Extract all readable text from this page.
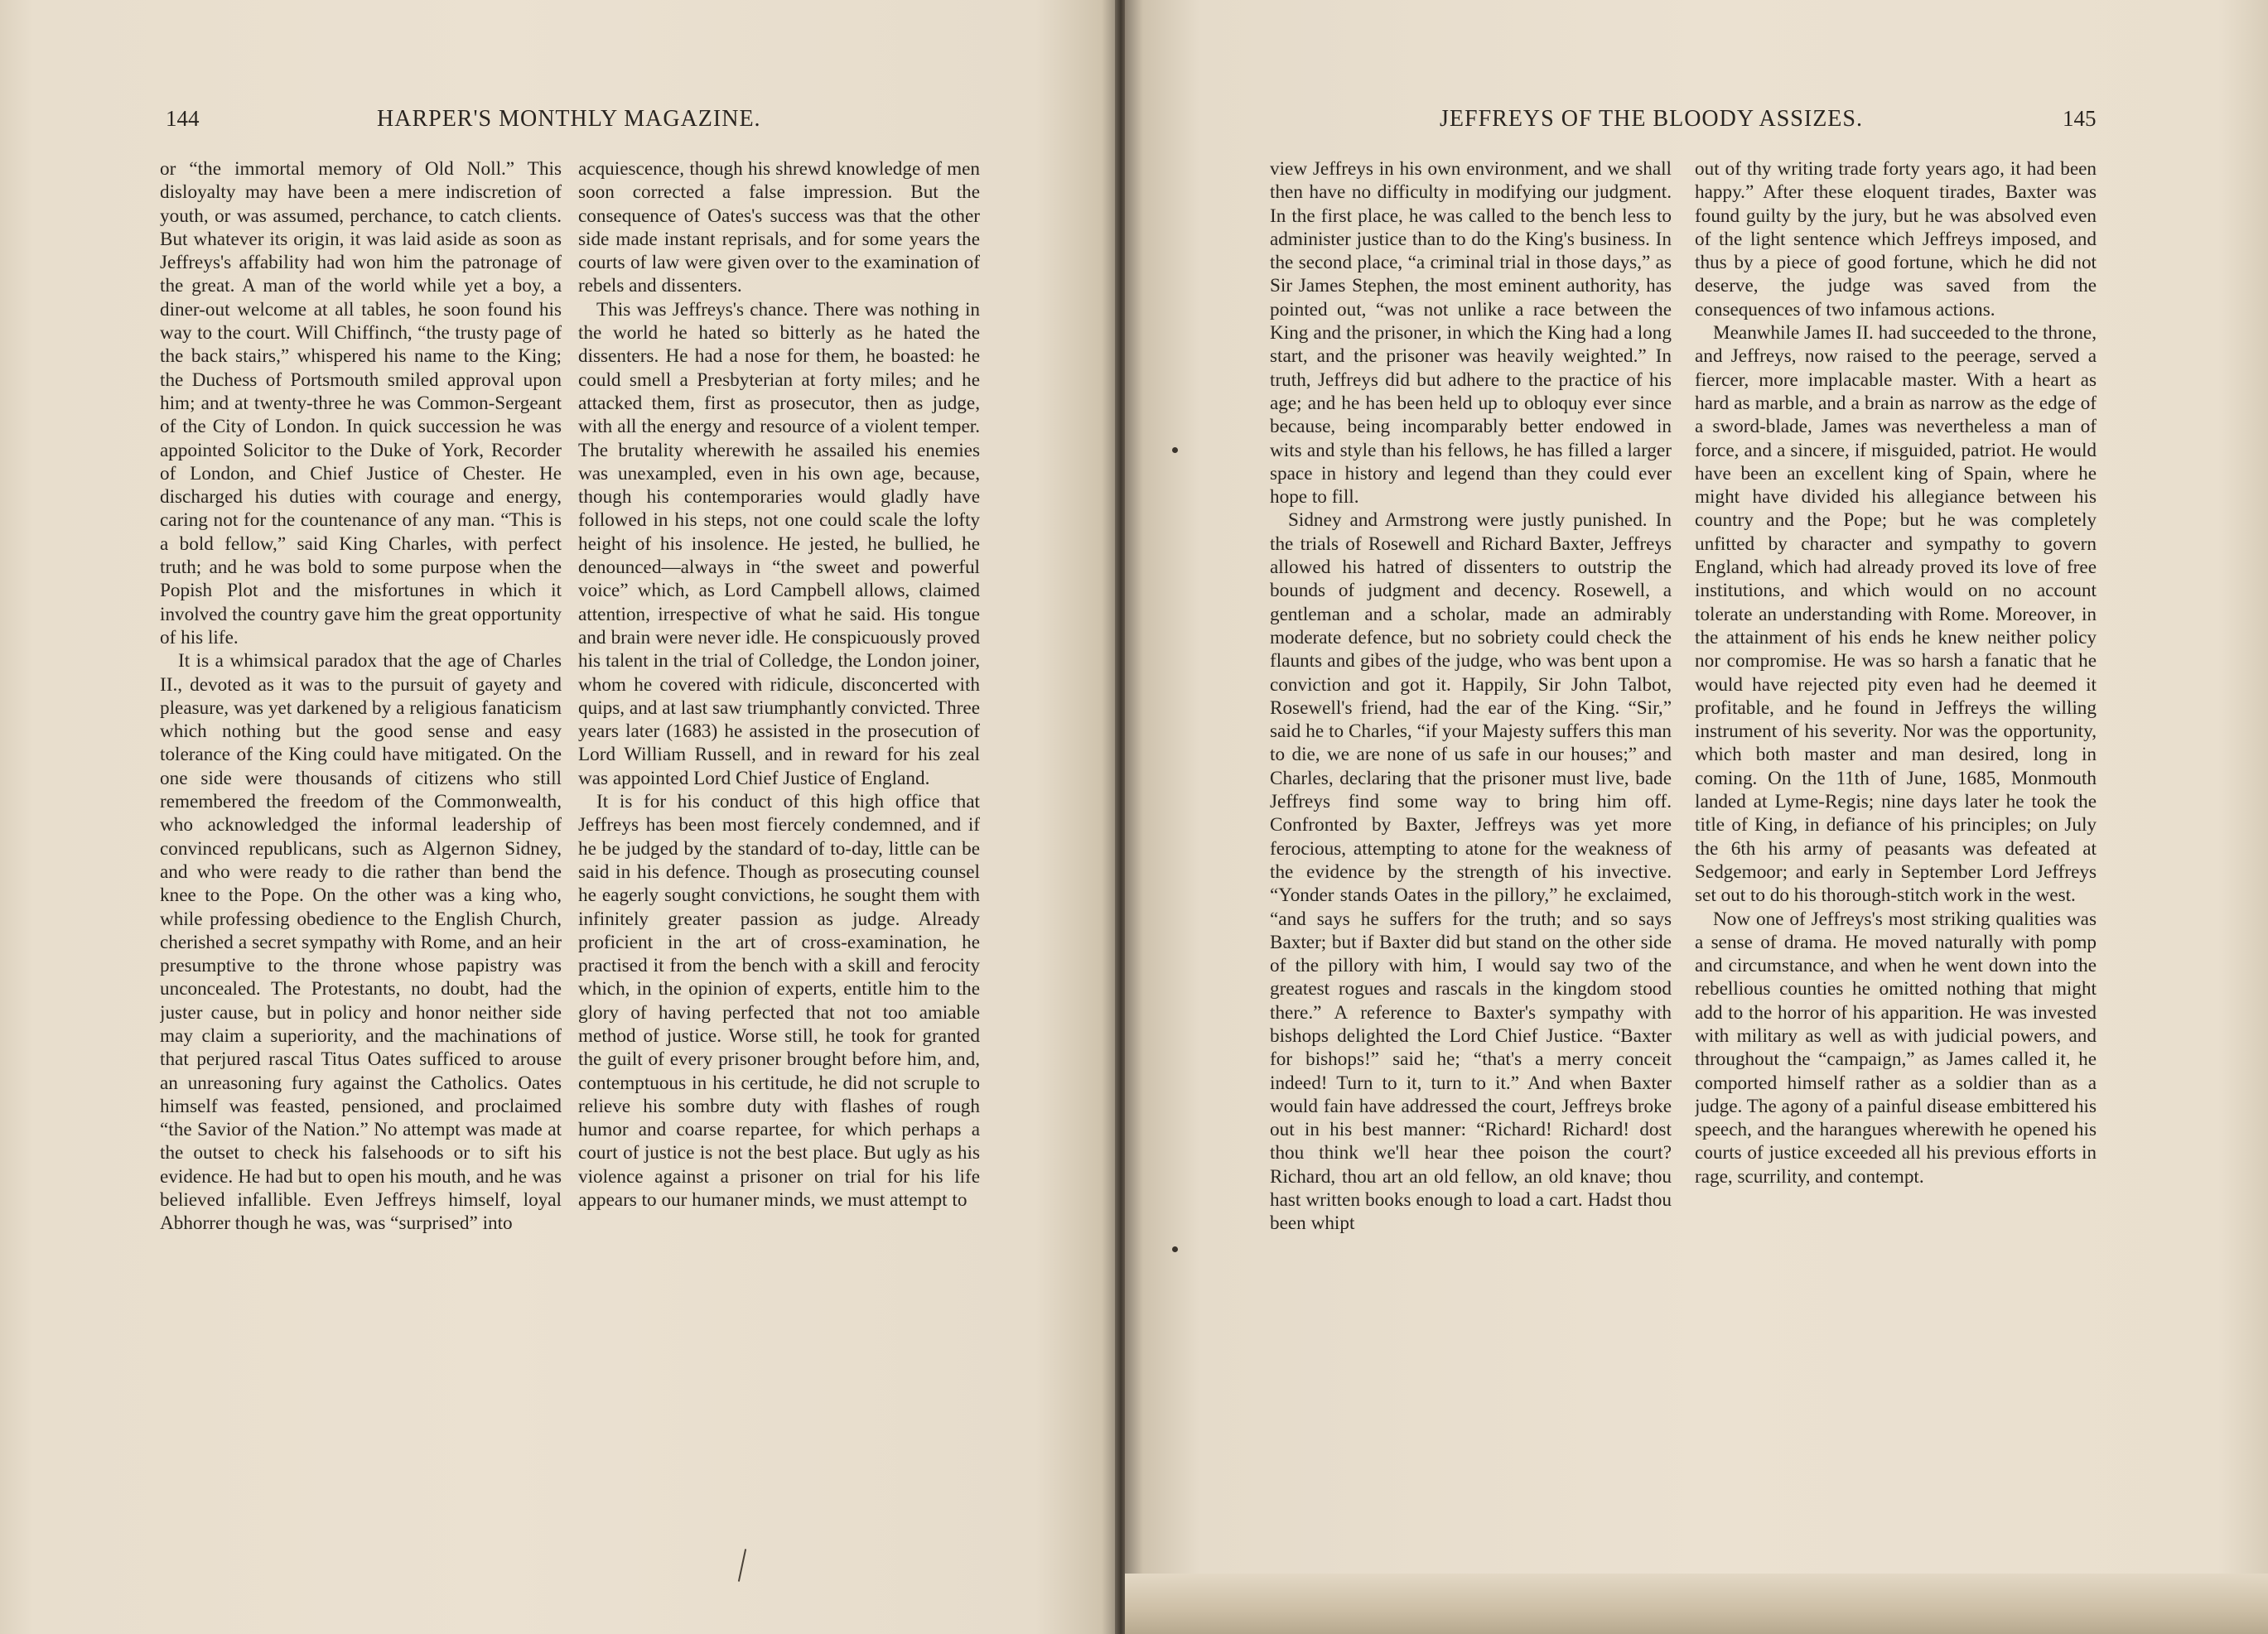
144	HARPER'S MONTHLY MAGAZINE.

or “the immortal memory of Old Noll.” This disloyalty may have been a mere indiscretion of youth, or was assumed, perchance, to catch clients. But whatever its origin, it was laid aside as soon as Jeffreys's affability had won him the patronage of the great. A man of the world while yet a boy, a diner-out welcome at all tables, he soon found his way to the court. Will Chiffinch, “the trusty page of the back stairs,” whispered his name to the King; the Duchess of Portsmouth smiled approval upon him; and at twenty-three he was Common-Sergeant of the City of London. In quick succession he was appointed Solicitor to the Duke of York, Recorder of London, and Chief Justice of Chester. He discharged his duties with courage and energy, caring not for the countenance of any man. “This is a bold fellow,” said King Charles, with perfect truth; and he was bold to some purpose when the Popish Plot and the misfortunes in which it involved the country gave him the great opportunity of his life.

It is a whimsical paradox that the age of Charles II., devoted as it was to the pursuit of gayety and pleasure, was yet darkened by a religious fanaticism which nothing but the good sense and easy tolerance of the King could have mitigated. On the one side were thousands of citizens who still remembered the freedom of the Commonwealth, who acknowledged the informal leadership of convinced republicans, such as Algernon Sidney, and who were ready to die rather than bend the knee to the Pope. On the other was a king who, while professing obedience to the English Church, cherished a secret sympathy with Rome, and an heir presumptive to the throne whose papistry was unconcealed. The Protestants, no doubt, had the juster cause, but in policy and honor neither side may claim a superiority, and the machinations of that perjured rascal Titus Oates sufficed to arouse an unreasoning fury against the Catholics. Oates himself was feasted, pensioned, and proclaimed “the Savior of the Nation.” No attempt was made at the outset to check his falsehoods or to sift his evidence. He had but to open his mouth, and he was believed infallible. Even Jeffreys himself, loyal Abhorrer though he was, was “surprised” into

acquiescence, though his shrewd knowledge of men soon corrected a false impression. But the consequence of Oates's success was that the other side made instant reprisals, and for some years the courts of law were given over to the examination of rebels and dissenters.

This was Jeffreys's chance. There was nothing in the world he hated so bitterly as he hated the dissenters. He had a nose for them, he boasted: he could smell a Presbyterian at forty miles; and he attacked them, first as prosecutor, then as judge, with all the energy and resource of a violent temper. The brutality wherewith he assailed his enemies was unexampled, even in his own age, because, though his contemporaries would gladly have followed in his steps, not one could scale the lofty height of his insolence. He jested, he bullied, he denounced—always in “the sweet and powerful voice” which, as Lord Campbell allows, claimed attention, irrespective of what he said. His tongue and brain were never idle. He conspicuously proved his talent in the trial of Colledge, the London joiner, whom he covered with ridicule, disconcerted with quips, and at last saw triumphantly convicted. Three years later (1683) he assisted in the prosecution of Lord William Russell, and in reward for his zeal was appointed Lord Chief Justice of England.

It is for his conduct of this high office that Jeffreys has been most fiercely condemned, and if he be judged by the standard of to-day, little can be said in his defence. Though as prosecuting counsel he eagerly sought convictions, he sought them with infinitely greater passion as judge. Already proficient in the art of cross-examination, he practised it from the bench with a skill and ferocity which, in the opinion of experts, entitle him to the glory of having perfected that not too amiable method of justice. Worse still, he took for granted the guilt of every prisoner brought before him, and, contemptuous in his certitude, he did not scruple to relieve his sombre duty with flashes of rough humor and coarse repartee, for which perhaps a court of justice is not the best place. But ugly as his violence against a prisoner on trial for his life appears to our humaner minds, we must attempt to

JEFFREYS OF THE BLOODY ASSIZES.	145

view Jeffreys in his own environment, and we shall then have no difficulty in modifying our judgment. In the first place, he was called to the bench less to administer justice than to do the King's business. In the second place, “a criminal trial in those days,” as Sir James Stephen, the most eminent authority, has pointed out, “was not unlike a race between the King and the prisoner, in which the King had a long start, and the prisoner was heavily weighted.” In truth, Jeffreys did but adhere to the practice of his age; and he has been held up to obloquy ever since because, being incomparably better endowed in wits and style than his fellows, he has filled a larger space in history and legend than they could ever hope to fill.

Sidney and Armstrong were justly punished. In the trials of Rosewell and Richard Baxter, Jeffreys allowed his hatred of dissenters to outstrip the bounds of judgment and decency. Rosewell, a gentleman and a scholar, made an admirably moderate defence, but no sobriety could check the flaunts and gibes of the judge, who was bent upon a conviction and got it. Happily, Sir John Talbot, Rosewell's friend, had the ear of the King. “Sir,” said he to Charles, “if your Majesty suffers this man to die, we are none of us safe in our houses;” and Charles, declaring that the prisoner must live, bade Jeffreys find some way to bring him off. Confronted by Baxter, Jeffreys was yet more ferocious, attempting to atone for the weakness of the evidence by the strength of his invective. “Yonder stands Oates in the pillory,” he exclaimed, “and says he suffers for the truth; and so says Baxter; but if Baxter did but stand on the other side of the pillory with him, I would say two of the greatest rogues and rascals in the kingdom stood there.” A reference to Baxter's sympathy with bishops delighted the Lord Chief Justice. “Baxter for bishops!” said he; “that's a merry conceit indeed! Turn to it, turn to it.” And when Baxter would fain have addressed the court, Jeffreys broke out in his best manner: “Richard! Richard! dost thou think we'll hear thee poison the court? Richard, thou art an old fellow, an old knave; thou hast written books enough to load a cart. Hadst thou been whipt

out of thy writing trade forty years ago, it had been happy.” After these eloquent tirades, Baxter was found guilty by the jury, but he was absolved even of the light sentence which Jeffreys imposed, and thus by a piece of good fortune, which he did not deserve, the judge was saved from the consequences of two infamous actions.

Meanwhile James II. had succeeded to the throne, and Jeffreys, now raised to the peerage, served a fiercer, more implacable master. With a heart as hard as marble, and a brain as narrow as the edge of a sword-blade, James was nevertheless a man of force, and a sincere, if misguided, patriot. He would have been an excellent king of Spain, where he might have divided his allegiance between his country and the Pope; but he was completely unfitted by character and sympathy to govern England, which had already proved its love of free institutions, and which would on no account tolerate an understanding with Rome. Moreover, in the attainment of his ends he knew neither policy nor compromise. He was so harsh a fanatic that he would have rejected pity even had he deemed it profitable, and he found in Jeffreys the willing instrument of his severity. Nor was the opportunity, which both master and man desired, long in coming. On the 11th of June, 1685, Monmouth landed at Lyme-Regis; nine days later he took the title of King, in defiance of his principles; on July the 6th his army of peasants was defeated at Sedgemoor; and early in September Lord Jeffreys set out to do his thorough-stitch work in the west.

Now one of Jeffreys's most striking qualities was a sense of drama. He moved naturally with pomp and circumstance, and when he went down into the rebellious counties he omitted nothing that might add to the horror of his apparition. He was invested with military as well as with judicial powers, and throughout the “campaign,” as James called it, he comported himself rather as a soldier than as a judge. The agony of a painful disease embittered his speech, and the harangues wherewith he opened his courts of justice exceeded all his previous efforts in rage, scurrility, and contempt.
